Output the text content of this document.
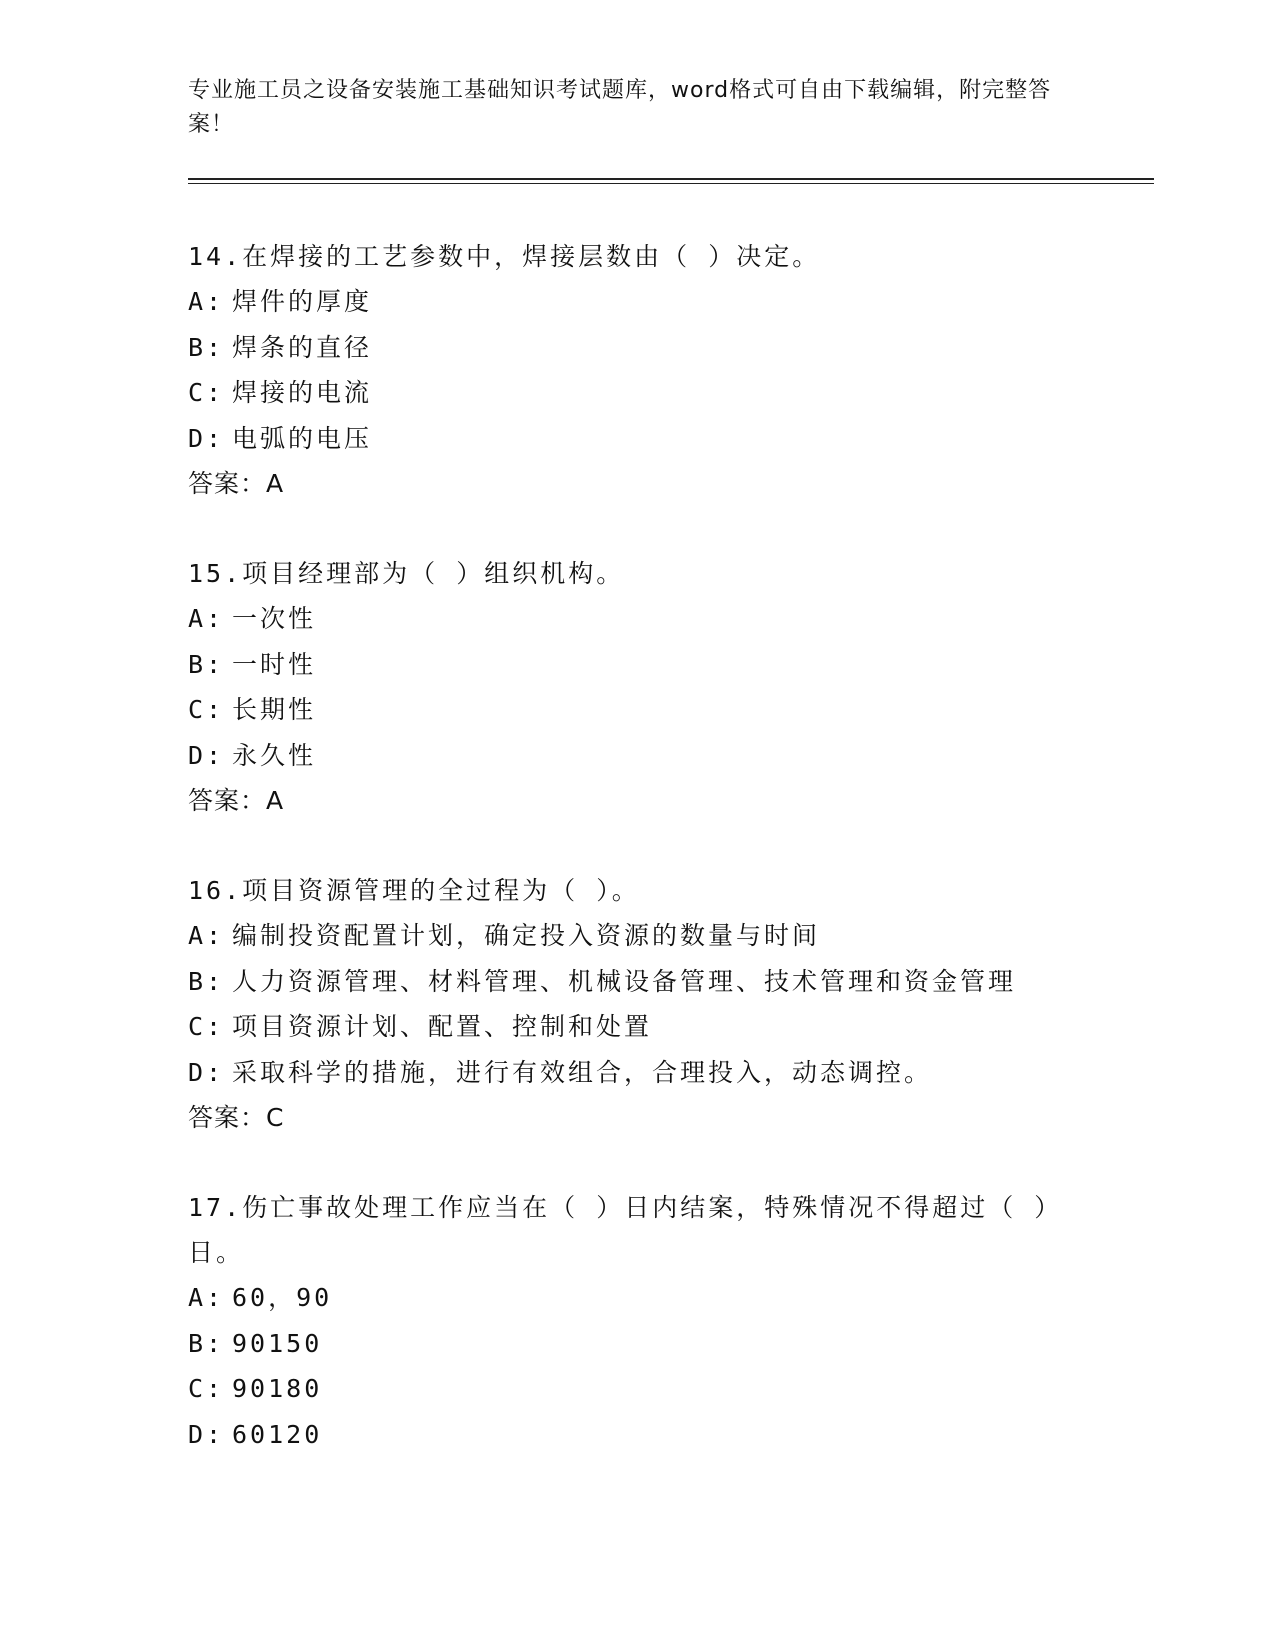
专业施工员之设备安装施工基础知识考试题库，word格式可自由下载编辑，附完整答案！
14.在焊接的工艺参数中，焊接层数由（ ）决定。
A: 焊件的厚度
B: 焊条的直径
C: 焊接的电流
D: 电弧的电压
答案：A
15.项目经理部为（ ）组织机构。
A: 一次性
B: 一时性
C: 长期性
D: 永久性
答案：A
16.项目资源管理的全过程为（ ）。
A: 编制投资配置计划，确定投入资源的数量与时间
B: 人力资源管理、材料管理、机械设备管理、技术管理和资金管理
C: 项目资源计划、配置、控制和处置
D: 采取科学的措施，进行有效组合，合理投入，动态调控。
答案：C
17.伤亡事故处理工作应当在（ ）日内结案，特殊情况不得超过（ ）日。
A: 60，90
B: 90150
C: 90180
D: 60120
